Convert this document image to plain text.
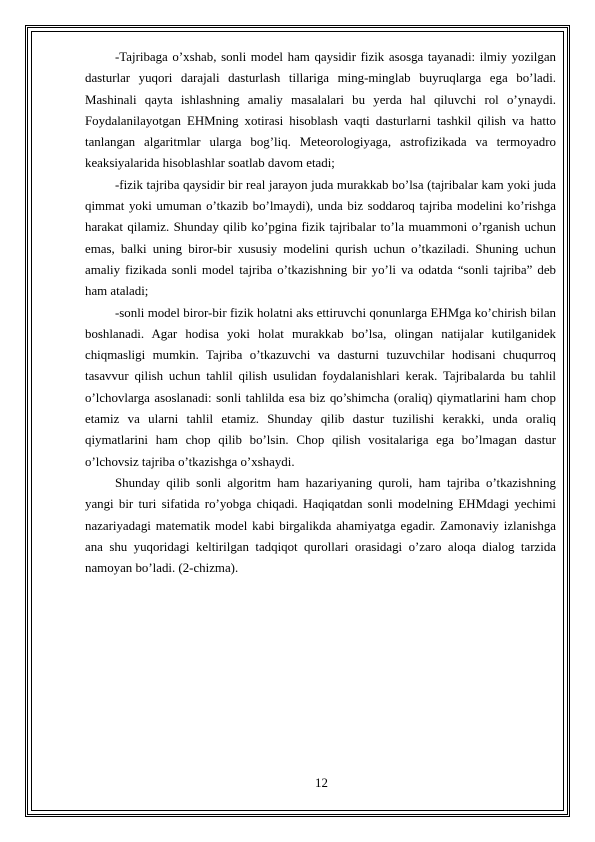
-Tajribaga o’xshab, sonli model ham qaysidir fizik asosga tayanadi: ilmiy yozilgan dasturlar yuqori darajali dasturlash tillariga ming-minglab buyruqlarga ega bo’ladi. Mashinali qayta ishlashning amaliy masalalari bu yerda hal qiluvchi rol o’ynaydi. Foydalanilayotgan EHMning xotirasi hisoblash vaqti dasturlarni tashkil qilish va hatto tanlangan algaritmlar ularga bog’liq. Meteorologiyaga, astrofizikada va termoyadro keaksiyalarida hisoblashlar soatlab davom etadi;

-fizik tajriba qaysidir bir real jarayon juda murakkab bo’lsa (tajribalar kam yoki juda qimmat yoki umuman o’tkazib bo’lmaydi), unda biz soddaroq tajriba modelini ko’rishga harakat qilamiz. Shunday qilib ko’pgina fizik tajribalar to’la muammoni o’rganish uchun emas, balki uning biror-bir xususiy modelini qurish uchun o’tkaziladi. Shuning uchun amaliy fizikada sonli model tajriba o’tkazishning bir yo’li va odatda “sonli tajriba” deb ham ataladi;

-sonli model biror-bir fizik holatni aks ettiruvchi qonunlarga EHMga ko’chirish bilan boshlanadi. Agar hodisa yoki holat murakkab bo’lsa, olingan natijalar kutilganidek chiqmasligi mumkin. Tajriba o’tkazuvchi va dasturni tuzuvchilar hodisani chuqurroq tasavvur qilish uchun tahlil qilish usulidan foydalanishlari kerak. Tajribalarda bu tahlil o’lchovlarga asoslanadi: sonli tahlilda esa biz qo’shimcha (oraliq) qiymatlarini ham chop etamiz va ularni tahlil etamiz. Shunday qilib dastur tuzilishi kerakki, unda oraliq qiymatlarini ham chop qilib bo’lsin. Chop qilish vositalariga ega bo’lmagan dastur o’lchovsiz tajriba o’tkazishga o’xshaydi.

Shunday qilib sonli algoritm ham hazariyaning quroli, ham tajriba o’tkazishning yangi bir turi sifatida ro’yobga chiqadi. Haqiqatdan sonli modelning EHMdagi yechimi nazariyadagi matematik model kabi birgalikda ahamiyatga egadir. Zamonaviy izlanishga ana shu yuqoridagi keltirilgan tadqiqot qurollari orasidagi o’zaro aloqa dialog tarzida namoyan bo’ladi. (2-chizma).

12
